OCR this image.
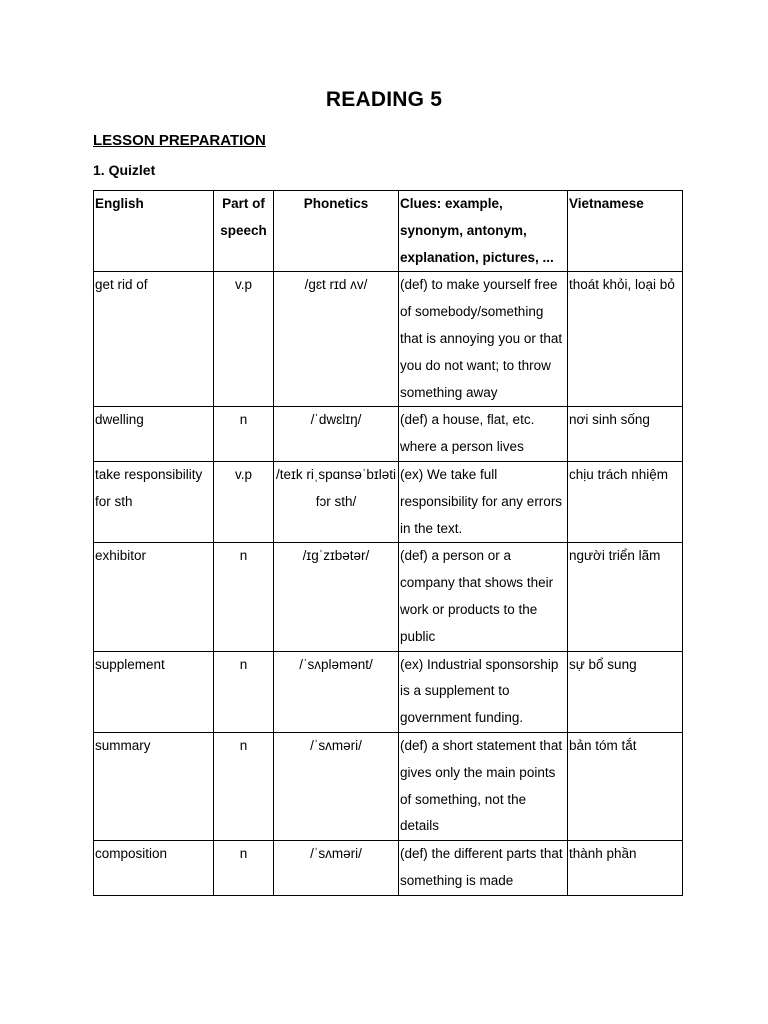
READING 5
LESSON PREPARATION
1. Quizlet
English	Part of speech	Phonetics	Clues: example, synonym, antonym, explanation, pictures, ...	Vietnamese
get rid of	v.p	/ɡɛt rɪd ʌv/	(def) to make yourself free of somebody/something that is annoying you or that you do not want; to throw something away	thoát khỏi, loại bỏ
dwelling	n	/ˈdwɛlɪŋ/	(def) a house, flat, etc. where a person lives	nơi sinh sống
take responsibility for sth	v.p	/teɪk riˌspɑnsəˈbɪləti fɔr sth/	(ex) We take full responsibility for any errors in the text.	chịu trách nhiệm
exhibitor	n	/ɪɡˈzɪbətər/	(def) a person or a company that shows their work or products to the public	người triển lãm
supplement	n	/ˈsʌpləmənt/	(ex) Industrial sponsorship is a supplement to government funding.	sự bổ sung
summary	n	/ˈsʌməri/	(def) a short statement that gives only the main points of something, not the details	bản tóm tắt
composition	n	/ˈsʌməri/	(def) the different parts that something is made	thành phần
